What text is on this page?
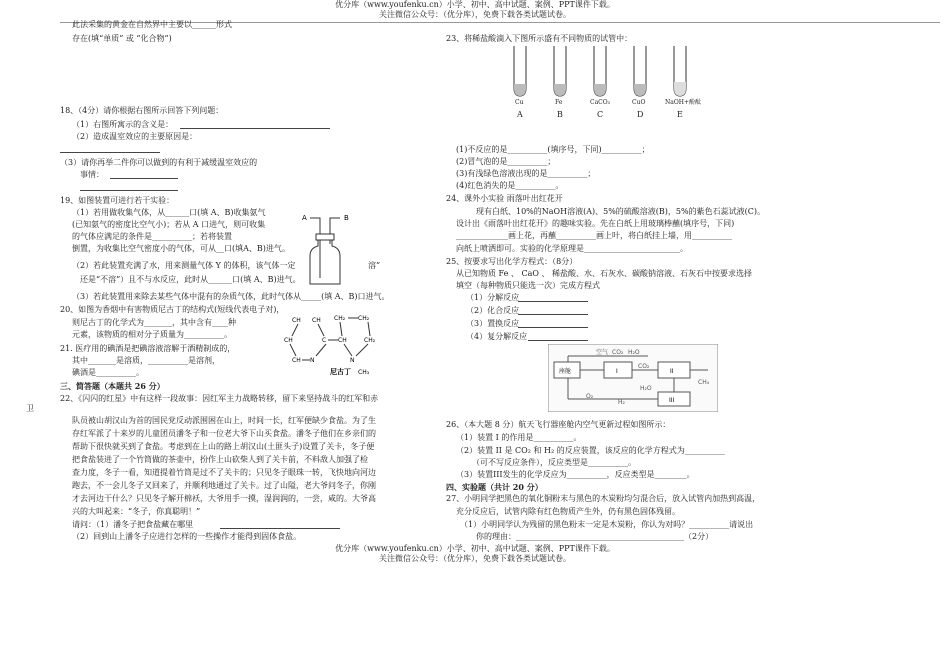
优分库（www.youfenku.cn）小学、初中、高中试题、案例、PPT课件下载。
关注微信公众号：（优分库），免费下载各类试题试卷。
此法采集的黄金在自然界中主要以______形式
存在(填“单质” 或 “化合物”)
18、（4分）请你根据右图所示回答下列问题：
（1）右图所寓示的含义是：
（2）造成温室效应的主要原因是：
（3）请你再举二件你可以做到的有利于减缓温室效应的
事情：
19、如图装置可进行若干实验：
（1）若用做收集气体，从______口(填 A、B)收集氨气
(已知氨气的密度比空气小)；若从 A 口进气，则可收集
的气体应满足的条件是__________；若将装置
倒置，为收集比空气密度小的气体，可从__口(填A、B)进气。
（2）若此装置充满了水，用来测量气体 Y 的体积，该气体一定	溶”
还是“不溶”）且不与水反应，此时从______口(填 A、B)进气。
（3）若此装置用来除去某些气体中混有的杂质气体，此时气体从_____(填 A、B)口进气。
A	B
20、如图为香烟中有害物质尼古丁的结构式(短线代表电子对)，
则尼古丁的化学式为_______，其中含有____种
元素，该物质的相对分子质量为__________。
CH CH
CH	C
CH N
CH
CH₂ CH₂
CH₂
N
CH₃
尼古丁
21. 医疗用的碘酒是把碘溶液溶解于酒精制成的，
其中_______是溶质，__________是溶剂，
碘酒是__________。
三、简答题（本题共 26 分）
22、《闪闪的红星》中有这样一段故事：因红军主力战略转移，留下来坚持战斗的红军和赤
卫
队员被山胡汉山为首的国民党反动派围困在山上，时间一长，红军便缺少食盐。为了生
存红军派了十来岁的儿童团员潘冬子和一位老大爷下山买食盐。潘冬子他们在乡亲们的
帮助下很快就买到了食盐。考虑到在上山的路上胡汉山(土匪头子)设置了关卡，冬子便
把食盐装进了一个竹筒做的茶壶中，扮作上山砍柴人到了关卡前，不料敌人加强了检
查力度，冬子一看，知道提着竹筒是过不了关卡的；只见冬子眼珠一转，飞快地向河边
跑去，不一会儿冬子又回来了，并顺利地通过了关卡。过了山隘，老大爷问冬子，你刚
才去河边干什么？只见冬子解开棉袄，大爷用手一摸，湿润润的，一尝，咸的。大爷高
兴的大叫起来：“冬子，你真聪明！”
请问：（1）潘冬子把食盐藏在哪里
（2）回到山上潘冬子应进行怎样的一些操作才能得到固体食盐。
23、将稀盐酸滴入下图所示盛有不同物质的试管中：
Cu	Fe	CaCO₃	CuO	NaOH+酚酞
A	B	C	D	E
(1)不反应的是__________(填序号，下同)__________；
(2)冒气泡的是__________；
(3)有浅绿色溶液出现的是__________；
(4)红色消失的是__________。
24、课外小实验 雨落叶出红花开
现有白纸、10%的NaOH溶液(A)、5%的硫酸溶液(B)，5%的紫色石蕊试液(C)。
设计出《雨落叶出红花开》的趣味实验。先在白纸上用玻璃棒蘸(填序号，下同)
_____________画上花，再蘸__________画上叶，将白纸挂上墙，用__________
向纸上喷洒即可。实验的化学原理是________________________。
25、按要求写出化学方程式：（8分）
从已知物质 Fe 、 CaO 、 稀盐酸、水、石灰水、碳酸钠溶液、石灰石中按要求选择
填空（每种物质只能选一次）完成方程式
（1）分解反应
（2）化合反应
（3）置换反应
（4）复分解反应
空气 CO₂ H₂O
座舱	I	II
III
CO₂
H₂O
H₂
O₂
CH₄
26、（本大题 8 分）航天飞行器座舱内空气更新过程如图所示：
（1）装置 I 的作用是__________。
（2）装置 II 是 CO₂ 和 H₂ 的反应装置，该反应的化学方程式为__________
（可不写反应条件），反应类型是__________。
（3）装置III发生的化学反应为__________，反应类型是________。
四、实验题（共计 20 分）
27、小明同学把黑色的氧化铜粉末与黑色的木炭粉均匀混合后，放入试管内加热到高温，
充分反应后，试管内除有红色物质产生外，仍有黑色固体残留。
（1）小明同学认为残留的黑色粉末一定是木炭粉，你认为对吗？__________请说出
你的理由：__________________________________________（2分）
优分库（www.youfenku.cn）小学、初中、高中试题、案例、PPT课件下载。
关注微信公众号：（优分库），免费下载各类试题试卷。
